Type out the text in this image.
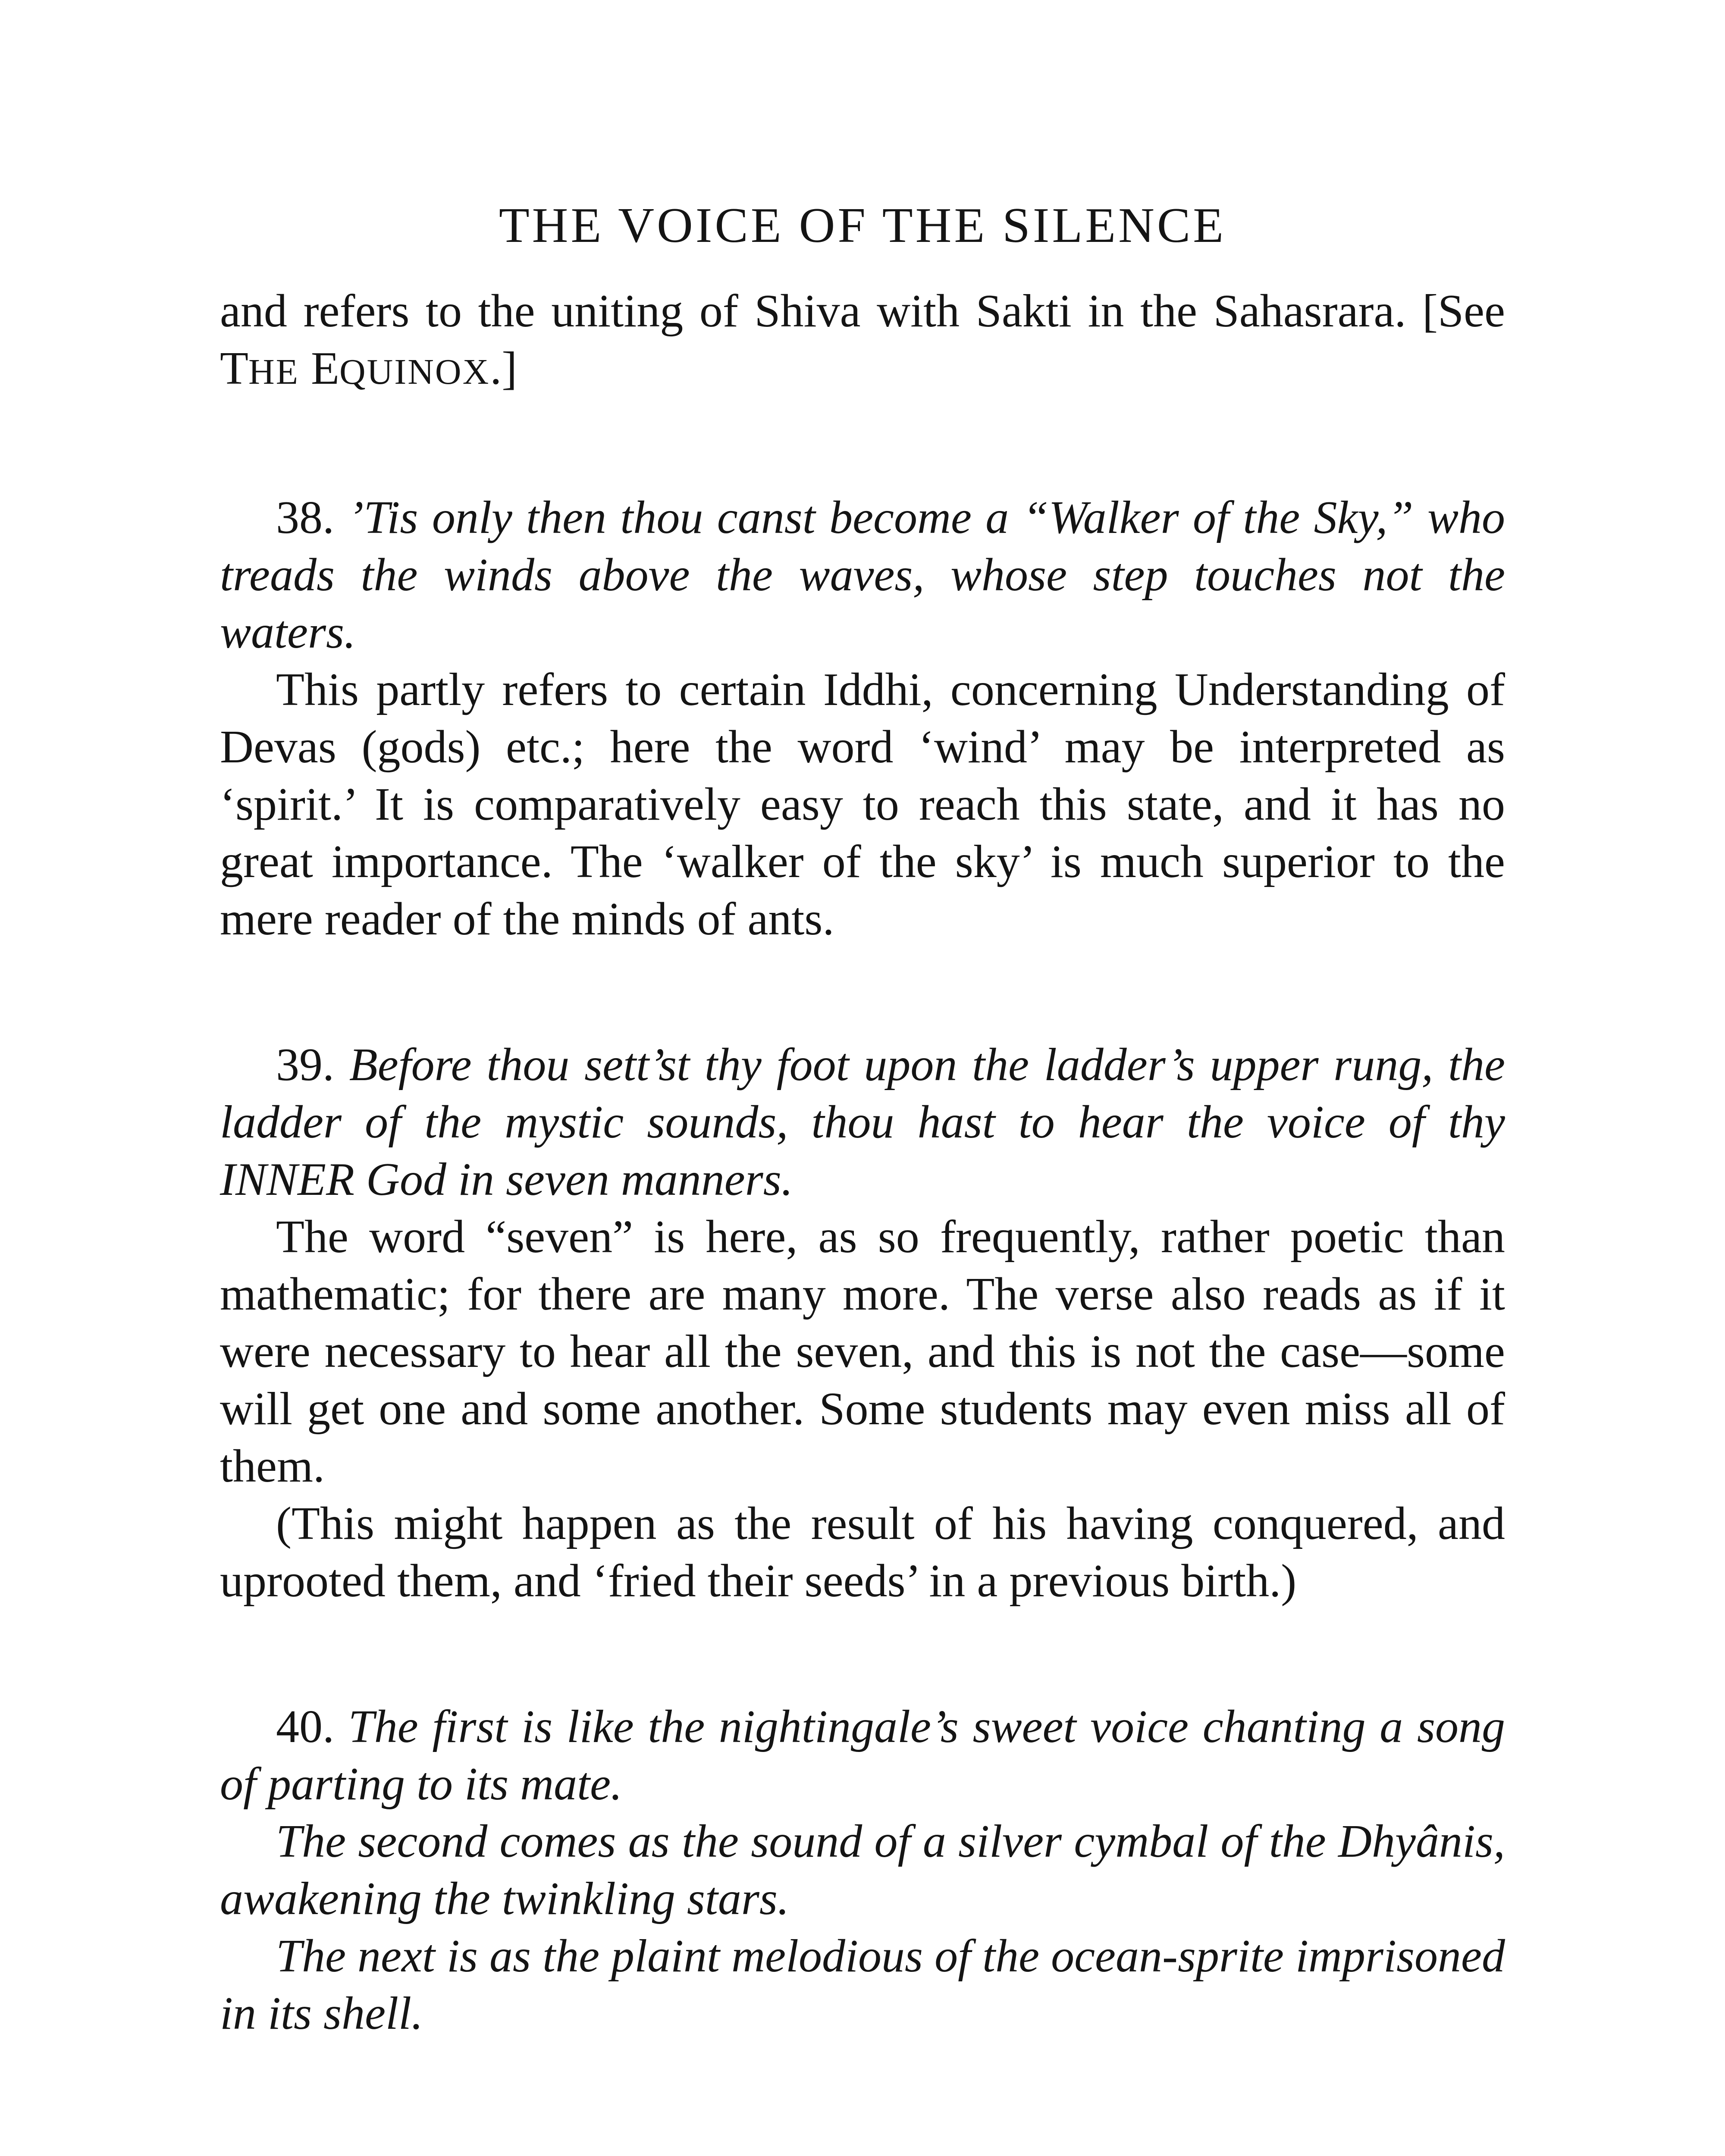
THE VOICE OF THE SILENCE

and refers to the uniting of Shiva with Sakti in the Sahasrara. [See THE EQUINOX.]

38. ’Tis only then thou canst become a “Walker of the Sky,” who treads the winds above the waves, whose step touches not the waters.

This partly refers to certain Iddhi, concerning Understanding of Devas (gods) etc.; here the word ‘wind’ may be interpreted as ‘spirit.’ It is comparatively easy to reach this state, and it has no great importance. The ‘walker of the sky’ is much superior to the mere reader of the minds of ants.

39. Before thou sett’st thy foot upon the ladder’s upper rung, the ladder of the mystic sounds, thou hast to hear the voice of thy INNER God in seven manners.

The word “seven” is here, as so frequently, rather poetic than mathematic; for there are many more. The verse also reads as if it were necessary to hear all the seven, and this is not the case—some will get one and some another. Some students may even miss all of them.

(This might happen as the result of his having conquered, and uprooted them, and ‘fried their seeds’ in a previous birth.)

40. The first is like the nightingale’s sweet voice chanting a song of parting to its mate.

The second comes as the sound of a silver cymbal of the Dhyânis, awakening the twinkling stars.

The next is as the plaint melodious of the ocean-sprite imprisoned in its shell.
